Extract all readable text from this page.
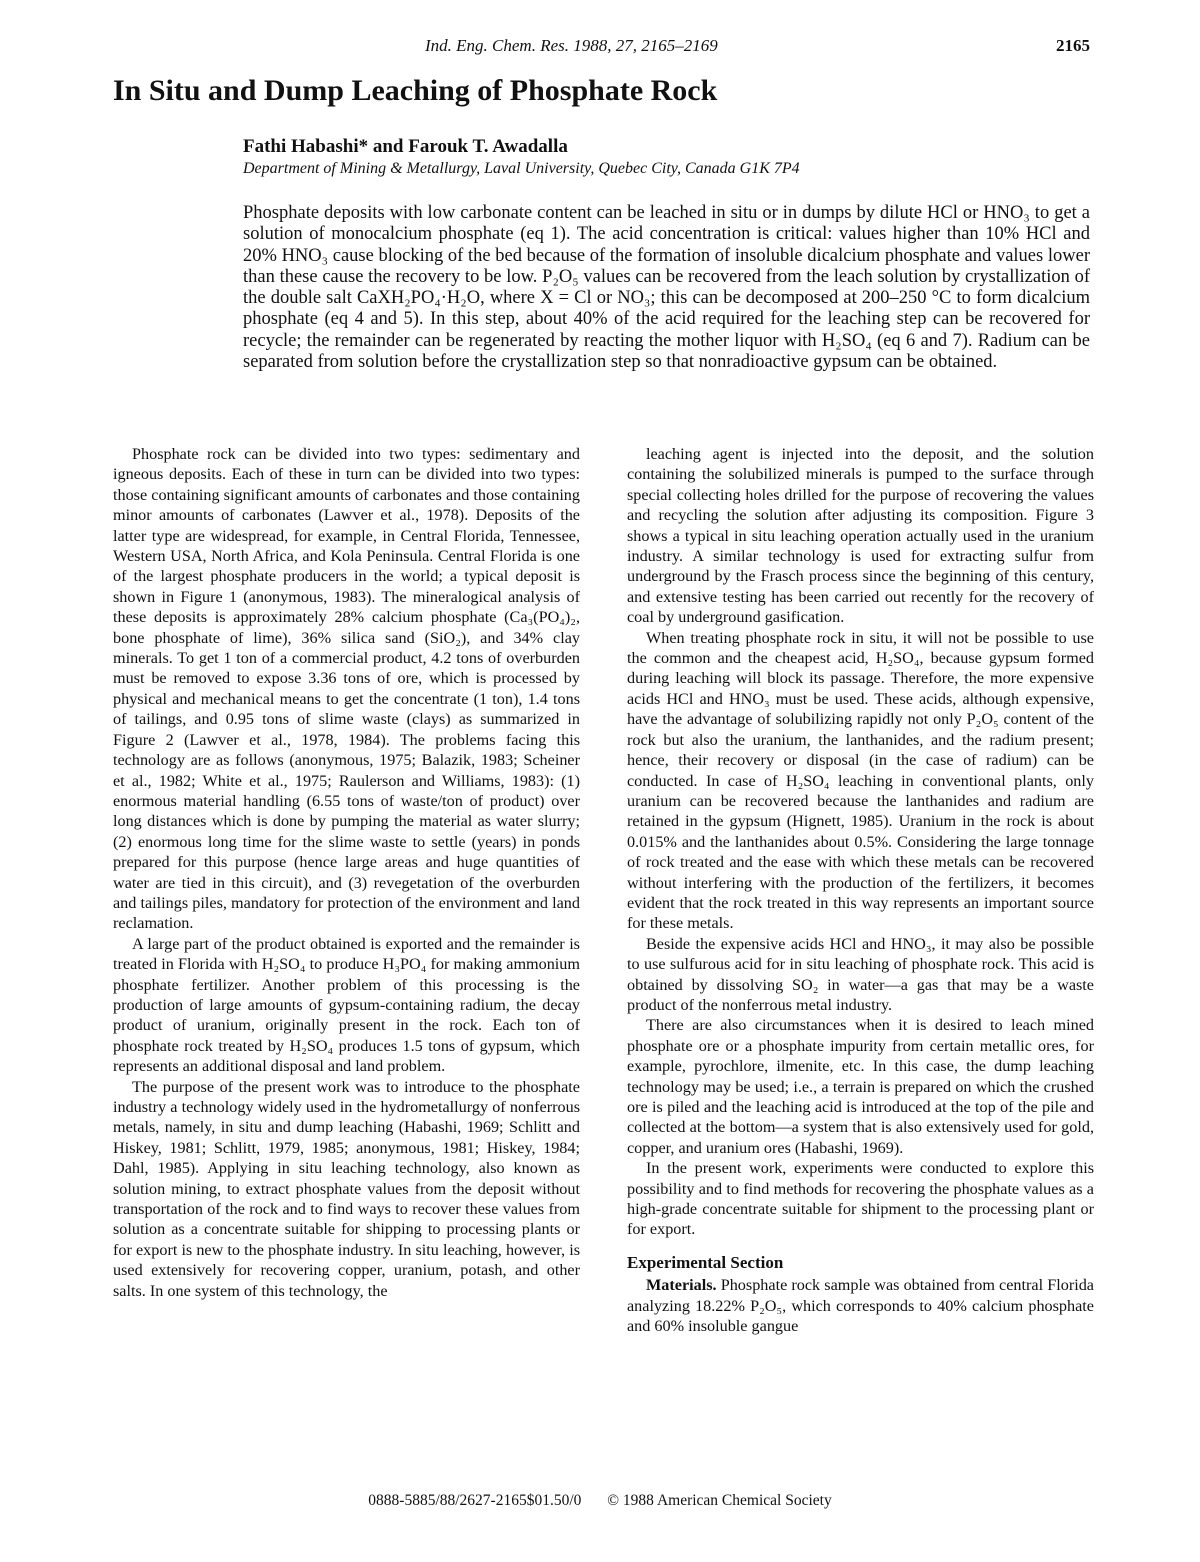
Ind. Eng. Chem. Res. 1988, 27, 2165–2169	2165
In Situ and Dump Leaching of Phosphate Rock
Fathi Habashi* and Farouk T. Awadalla
Department of Mining & Metallurgy, Laval University, Quebec City, Canada G1K 7P4

Phosphate deposits with low carbonate content can be leached in situ or in dumps by dilute HCl or HNO₃ to get a solution of monocalcium phosphate (eq 1). The acid concentration is critical: values higher than 10% HCl and 20% HNO₃ cause blocking of the bed because of the formation of insoluble dicalcium phosphate and values lower than these cause the recovery to be low. P₂O₅ values can be recovered from the leach solution by crystallization of the double salt CaXH₂PO₄·H₂O, where X = Cl or NO₃; this can be decomposed at 200–250 °C to form dicalcium phosphate (eq 4 and 5). In this step, about 40% of the acid required for the leaching step can be recovered for recycle; the remainder can be regenerated by reacting the mother liquor with H₂SO₄ (eq 6 and 7). Radium can be separated from solution before the crystallization step so that nonradioactive gypsum can be obtained.

Phosphate rock can be divided into two types: sedimentary and igneous deposits. Each of these in turn can be divided into two types: those containing significant amounts of carbonates and those containing minor amounts of carbonates (Lawver et al., 1978). Deposits of the latter type are widespread, for example, in Central Florida, Tennessee, Western USA, North Africa, and Kola Peninsula. Central Florida is one of the largest phosphate producers in the world; a typical deposit is shown in Figure 1 (anonymous, 1983). The mineralogical analysis of these deposits is approximately 28% calcium phosphate (Ca₃(PO₄)₂, bone phosphate of lime), 36% silica sand (SiO₂), and 34% clay minerals. To get 1 ton of a commercial product, 4.2 tons of overburden must be removed to expose 3.36 tons of ore, which is processed by physical and mechanical means to get the concentrate (1 ton), 1.4 tons of tailings, and 0.95 tons of slime waste (clays) as summarized in Figure 2 (Lawver et al., 1978, 1984). The problems facing this technology are as follows (anonymous, 1975; Balazik, 1983; Scheiner et al., 1982; White et al., 1975; Raulerson and Williams, 1983): (1) enormous material handling (6.55 tons of waste/ton of product) over long distances which is done by pumping the material as water slurry; (2) enormous long time for the slime waste to settle (years) in ponds prepared for this purpose (hence large areas and huge quantities of water are tied in this circuit), and (3) revegetation of the overburden and tailings piles, mandatory for protection of the environment and land reclamation.

A large part of the product obtained is exported and the remainder is treated in Florida with H₂SO₄ to produce H₃PO₄ for making ammonium phosphate fertilizer. Another problem of this processing is the production of large amounts of gypsum-containing radium, the decay product of uranium, originally present in the rock. Each ton of phosphate rock treated by H₂SO₄ produces 1.5 tons of gypsum, which represents an additional disposal and land problem.

The purpose of the present work was to introduce to the phosphate industry a technology widely used in the hydrometallurgy of nonferrous metals, namely, in situ and dump leaching (Habashi, 1969; Schlitt and Hiskey, 1981; Schlitt, 1979, 1985; anonymous, 1981; Hiskey, 1984; Dahl, 1985). Applying in situ leaching technology, also known as solution mining, to extract phosphate values from the deposit without transportation of the rock and to find ways to recover these values from solution as a concentrate suitable for shipping to processing plants or for export is new to the phosphate industry. In situ leaching, however, is used extensively for recovering copper, uranium, potash, and other salts. In one system of this technology, the

leaching agent is injected into the deposit, and the solution containing the solubilized minerals is pumped to the surface through special collecting holes drilled for the purpose of recovering the values and recycling the solution after adjusting its composition. Figure 3 shows a typical in situ leaching operation actually used in the uranium industry. A similar technology is used for extracting sulfur from underground by the Frasch process since the beginning of this century, and extensive testing has been carried out recently for the recovery of coal by underground gasification.

When treating phosphate rock in situ, it will not be possible to use the common and the cheapest acid, H₂SO₄, because gypsum formed during leaching will block its passage. Therefore, the more expensive acids HCl and HNO₃ must be used. These acids, although expensive, have the advantage of solubilizing rapidly not only P₂O₅ content of the rock but also the uranium, the lanthanides, and the radium present; hence, their recovery or disposal (in the case of radium) can be conducted. In case of H₂SO₄ leaching in conventional plants, only uranium can be recovered because the lanthanides and radium are retained in the gypsum (Hignett, 1985). Uranium in the rock is about 0.015% and the lanthanides about 0.5%. Considering the large tonnage of rock treated and the ease with which these metals can be recovered without interfering with the production of the fertilizers, it becomes evident that the rock treated in this way represents an important source for these metals.

Beside the expensive acids HCl and HNO₃, it may also be possible to use sulfurous acid for in situ leaching of phosphate rock. This acid is obtained by dissolving SO₂ in water—a gas that may be a waste product of the nonferrous metal industry.

There are also circumstances when it is desired to leach mined phosphate ore or a phosphate impurity from certain metallic ores, for example, pyrochlore, ilmenite, etc. In this case, the dump leaching technology may be used; i.e., a terrain is prepared on which the crushed ore is piled and the leaching acid is introduced at the top of the pile and collected at the bottom—a system that is also extensively used for gold, copper, and uranium ores (Habashi, 1969).

In the present work, experiments were conducted to explore this possibility and to find methods for recovering the phosphate values as a high-grade concentrate suitable for shipment to the processing plant or for export.

Experimental Section

Materials. Phosphate rock sample was obtained from central Florida analyzing 18.22% P₂O₅, which corresponds to 40% calcium phosphate and 60% insoluble gangue

0888-5885/88/2627-2165$01.50/0 © 1988 American Chemical Society
